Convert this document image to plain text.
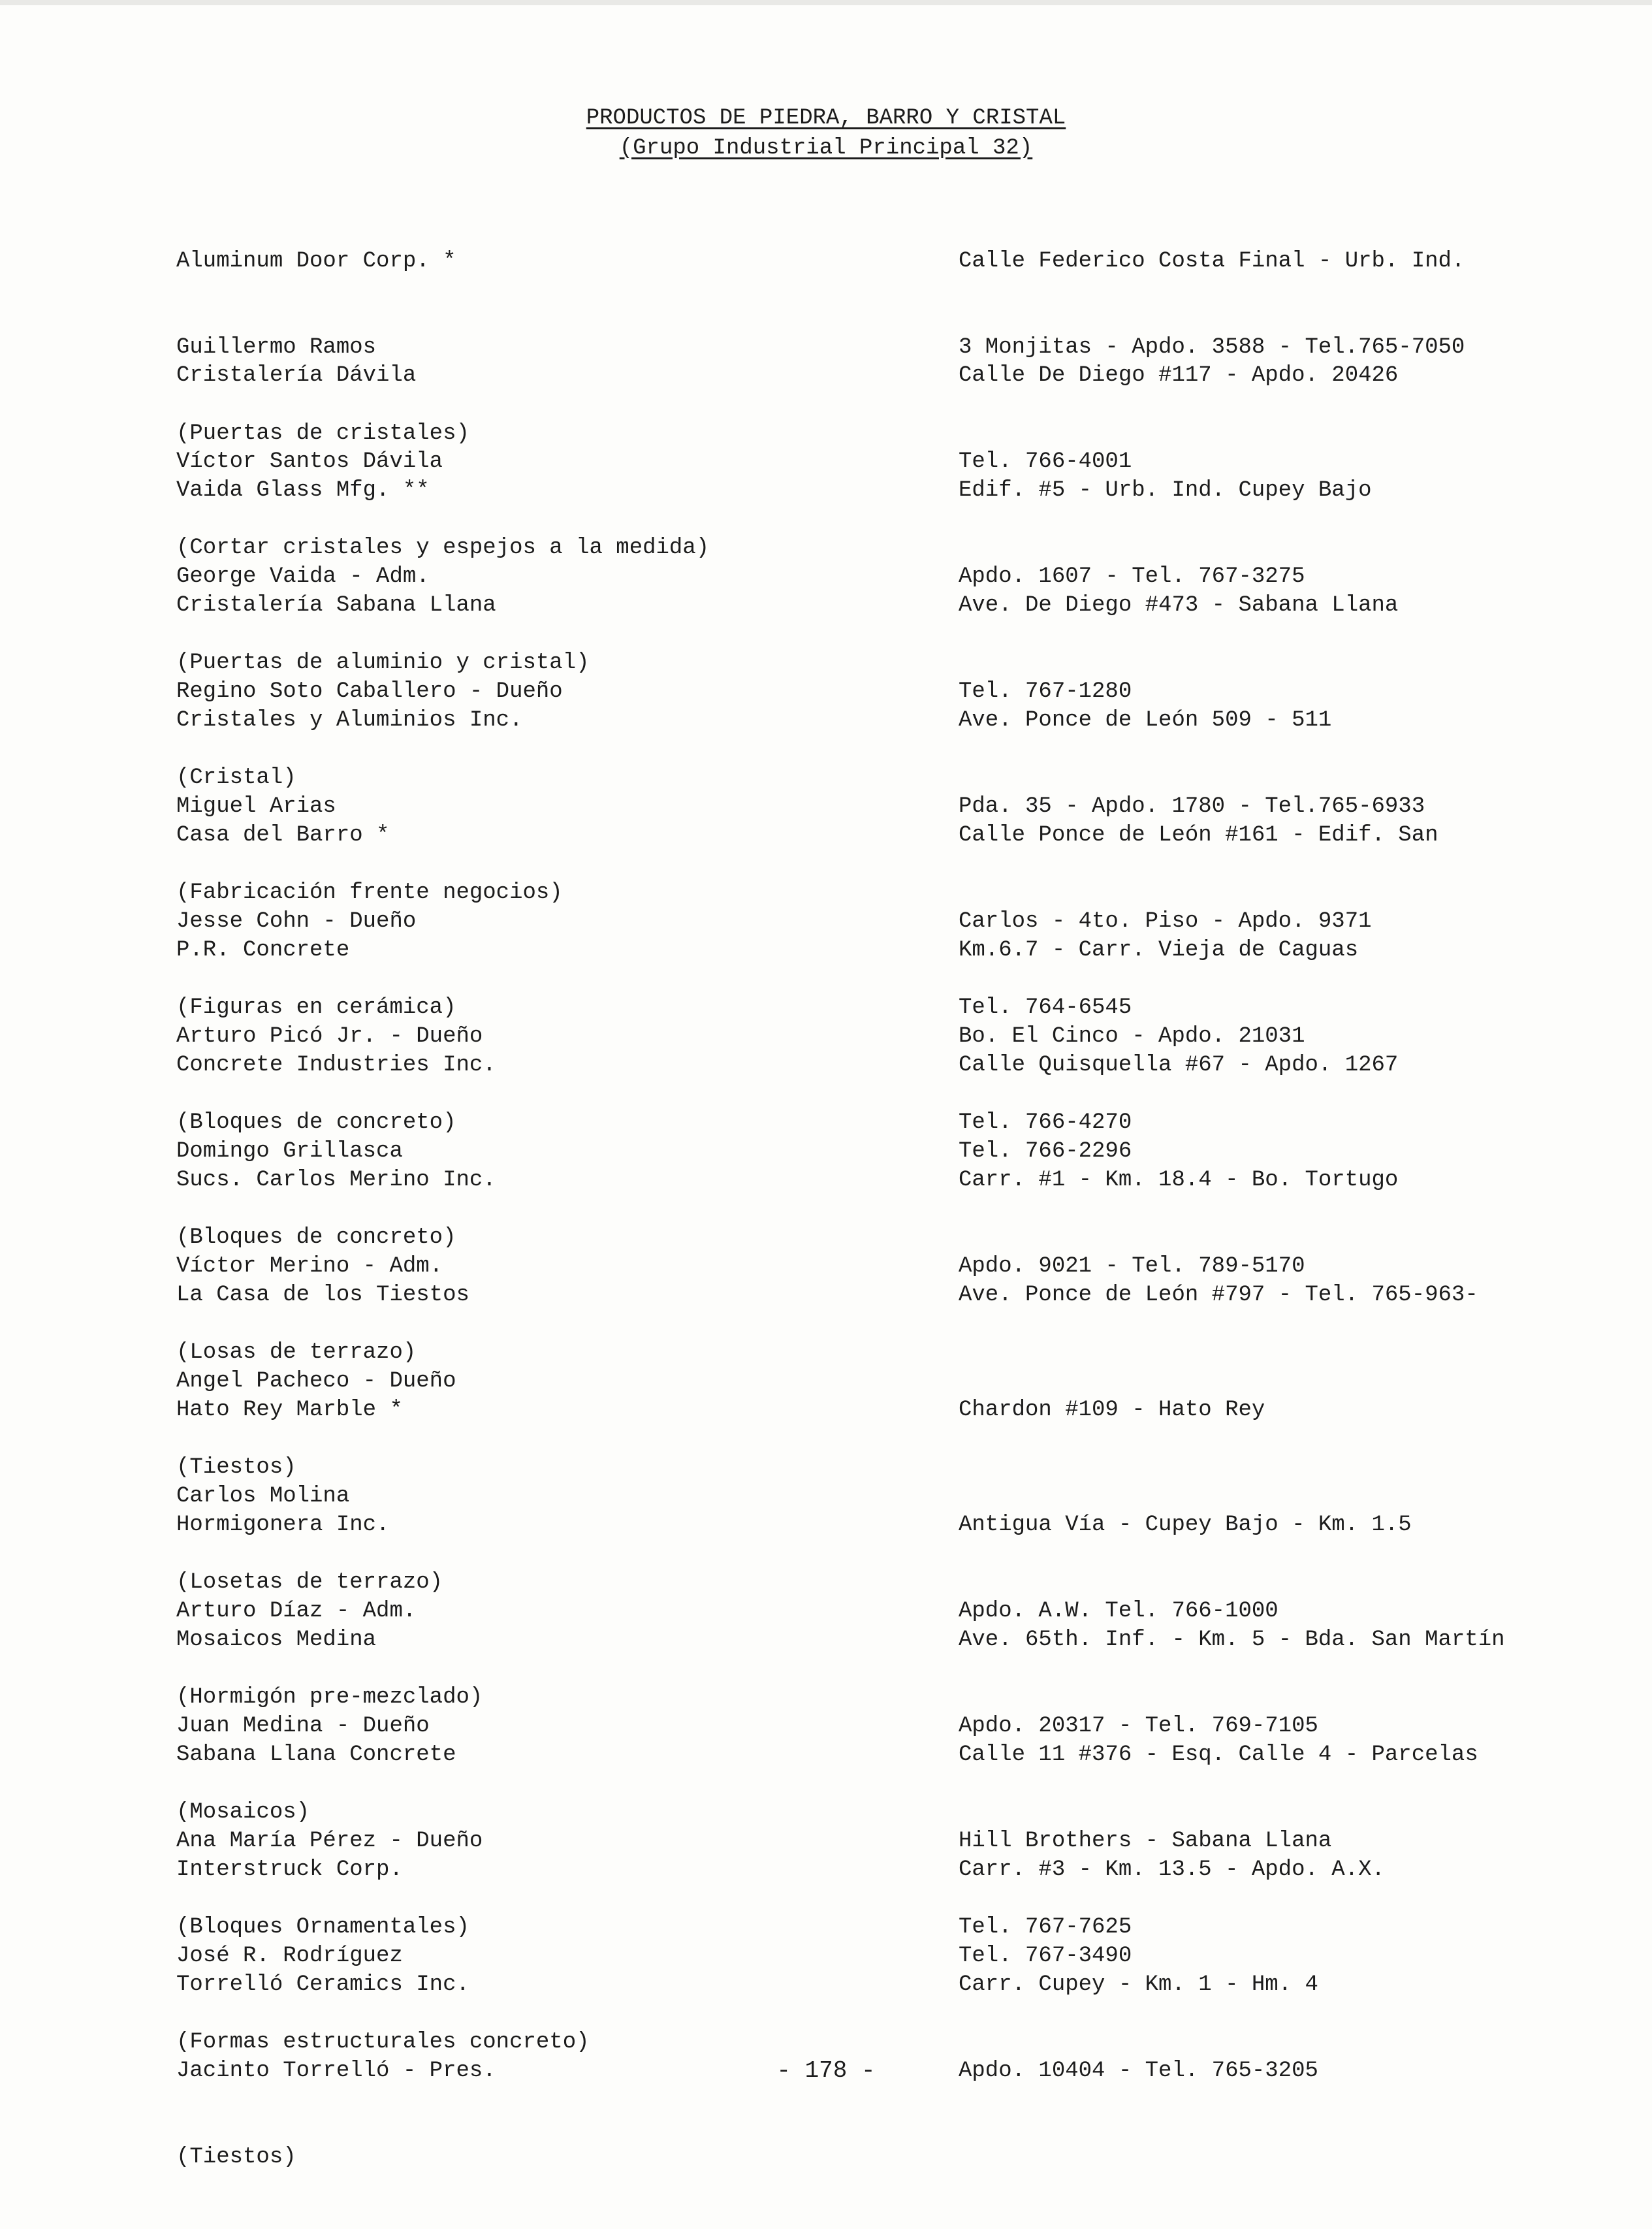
PRODUCTOS DE PIEDRA, BARRO Y CRISTAL
(Grupo Industrial Principal 32)

Aluminum Door Corp. *

Guillermo Ramos

(Puertas de cristales)

Calle Federico Costa Final - Urb. Ind.

3 Monjitas - Apdo. 3588 - Tel.765-7050

Cristalería Dávila

Víctor Santos Dávila

(Cortar cristales y espejos a la medida)

Calle De Diego #117 - Apdo. 20426

Tel. 766-4001

Vaida Glass Mfg. **

George Vaida - Adm.

(Puertas de aluminio y cristal)

Edif. #5 - Urb. Ind. Cupey Bajo

Apdo. 1607 - Tel. 767-3275

Cristalería Sabana Llana

Regino Soto Caballero - Dueño

(Cristal)

Ave. De Diego #473 - Sabana Llana

Tel. 767-1280

Cristales y Aluminios Inc.

Miguel Arias

(Fabricación frente negocios)

Ave. Ponce de León 509 - 511

Pda. 35 - Apdo. 1780 - Tel.765-6933

Casa del Barro *

Jesse Cohn - Dueño

(Figuras en cerámica)

Calle Ponce de León #161 - Edif. San

Carlos - 4to. Piso - Apdo. 9371

Tel. 764-6545

P.R. Concrete

Arturo Picó Jr. - Dueño

(Bloques de concreto)

Km.6.7 - Carr. Vieja de Caguas

Bo. El Cinco - Apdo. 21031

Tel. 766-4270

Concrete Industries Inc.

Domingo Grillasca

(Bloques de concreto)

Calle Quisquella #67 - Apdo. 1267

Tel. 766-2296

Sucs. Carlos Merino Inc.

Víctor Merino - Adm.

(Losas de terrazo)

Carr. #1 - Km. 18.4 - Bo. Tortugo

Apdo. 9021 - Tel. 789-5170

La Casa de los Tiestos

Angel Pacheco - Dueño

(Tiestos)

Ave. Ponce de León #797 - Tel. 765-963-

Hato Rey Marble *

Carlos Molina

(Losetas de terrazo)

Chardon #109 - Hato Rey

Hormigonera Inc.

Arturo Díaz - Adm.

(Hormigón pre-mezclado)

Antigua Vía - Cupey Bajo - Km. 1.5

Apdo. A.W. Tel. 766-1000

Mosaicos Medina

Juan Medina - Dueño

(Mosaicos)

Ave. 65th. Inf. - Km. 5 - Bda. San Martín

Apdo. 20317 - Tel. 769-7105

Sabana Llana Concrete

Ana María Pérez - Dueño

(Bloques Ornamentales)

Calle 11 #376 - Esq. Calle 4 - Parcelas

Hill Brothers - Sabana Llana

Tel. 767-7625

Interstruck Corp.

José R. Rodríguez

(Formas estructurales concreto)

Carr. #3 - Km. 13.5 - Apdo. A.X.

Tel. 767-3490

Torrelló Ceramics Inc.

Jacinto Torrelló - Pres.

(Tiestos)

Carr. Cupey - Km. 1 - Hm. 4

Apdo. 10404 - Tel. 765-3205

- 178 -
